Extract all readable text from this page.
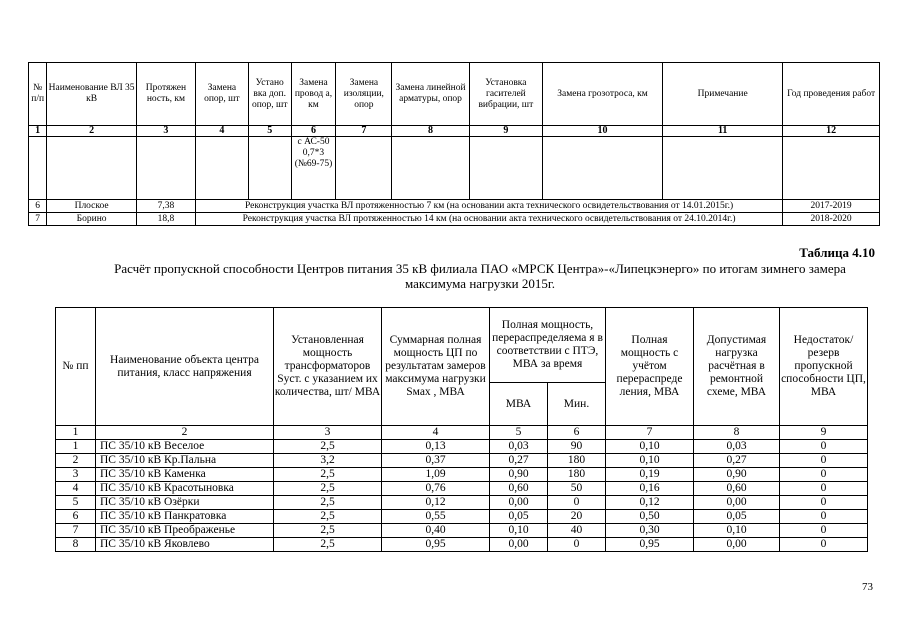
№ п/п	Наименование ВЛ 35 кВ	Протяжен ность, км	Замена опор, шт	Устано вка доп. опор, шт	Замена провод а, км	Замена изоляции, опор	Замена линейной арматуры, опор	Установка гасителей вибрации, шт	Замена грозотроса, км	Примечание	Год проведения работ
1	2	3	4	5	6	7	8	9	10	11	12
					с АС-50 0,7*3 (№69-75)						
6	Плоское	7,38	Реконструкция участка ВЛ протяженностью 7 км (на основании акта технического освидетельствования от 14.01.2015г.)								2017-2019
7	Борино	18,8	Реконструкция участка ВЛ протяженностью 14 км (на основании акта технического освидетельствования от 24.10.2014г.)								2018-2020
Таблица 4.10
Расчёт пропускной способности Центров питания 35 кВ филиала ПАО «МРСК Центра»-«Липецкэнерго» по итогам зимнего замера максимума нагрузки 2015г.
№ пп	Наименование объекта центра питания, класс напряжения	Установленная мощность трансформаторов Sуст. с указанием их количества, шт/ МВА	Суммарная полная мощность ЦП по результатам замеров максимума нагрузки Sмах , МВА	Полная мощность, перераспределяема я в соответствии с ПТЭ, МВА за время		Полная мощность с учётом перераспреде ления, МВА	Допустимая нагрузка расчётная в ремонтной схеме, МВА	Недостаток/ резерв пропускной способности ЦП, МВА
				МВА	Мин.			
1	2	3	4	5	6	7	8	9
1	ПС 35/10 кВ Веселое	2,5	0,13	0,03	90	0,10	0,03	0
2	ПС 35/10 кВ Кр.Пальна	3,2	0,37	0,27	180	0,10	0,27	0
3	ПС 35/10 кВ Каменка	2,5	1,09	0,90	180	0,19	0,90	0
4	ПС 35/10 кВ Красотыновка	2,5	0,76	0,60	50	0,16	0,60	0
5	ПС 35/10 кВ Озёрки	2,5	0,12	0,00	0	0,12	0,00	0
6	ПС 35/10 кВ Панкратовка	2,5	0,55	0,05	20	0,50	0,05	0
7	ПС 35/10 кВ Преображенье	2,5	0,40	0,10	40	0,30	0,10	0
8	ПС 35/10 кВ Яковлево	2,5	0,95	0,00	0	0,95	0,00	0
73
